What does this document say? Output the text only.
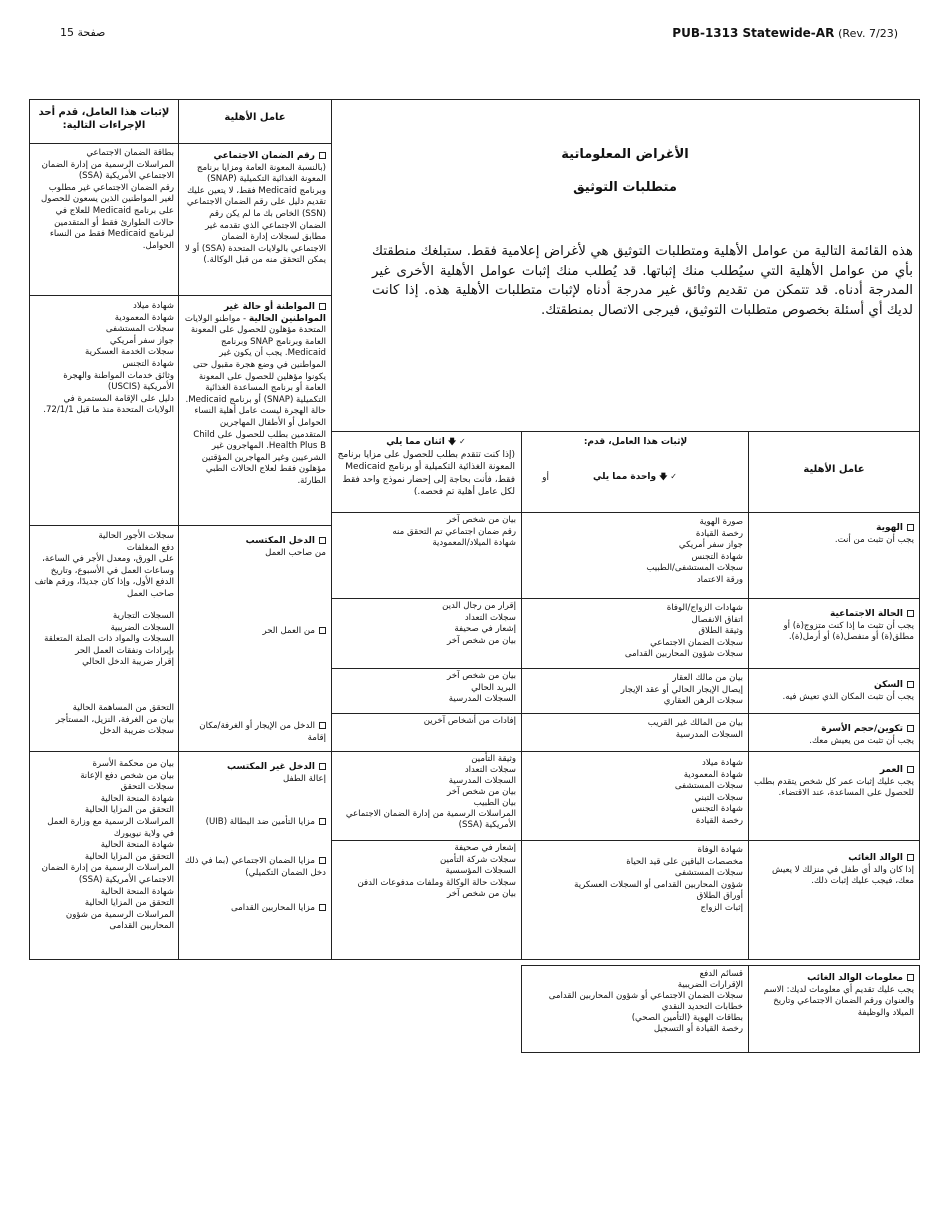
صفحة 15	PUB-1313 Statewide-AR (Rev. 7/23)
لإثبات هذا العامل، قدم أحد الإجراءات التالية:
عامل الأهلية
رقم الضمان الاجتماعي
(بالنسبة المعونة العامة ومزايا برنامج المعونة الغذائية التكميلية (SNAP) وبرنامج Medicaid فقط، لا يتعين عليك تقديم دليل على رقم الضمان الاجتماعي (SSN) الخاص بك ما لم يكن رقم الضمان الاجتماعي الذي تقدمه غير مطابق لسجلات إدارة الضمان الاجتماعي بالولايات المتحدة (SSA) أو لا يمكن التحقق منه من قبل الوكالة.)
بطاقة الضمان الاجتماعي
المراسلات الرسمية من إدارة الضمان الاجتماعي الأمريكية (SSA)
رقم الضمان الاجتماعي غير مطلوب لغير المواطنين الذين يسعون للحصول على برنامج Medicaid للعلاج في حالات الطوارئ فقط أو المتقدمين لبرنامج Medicaid فقط من النساء الحوامل.
المواطنة أو حالة غير المواطنين الحالية - مواطنو الولايات المتحدة مؤهلون للحصول على المعونة العامة وبرنامج SNAP وبرنامج Medicaid. يجب أن يكون غير المواطنين في وضع هجرة مقبول حتى يكونوا مؤهلين للحصول على المعونة العامة أو برنامج المساعدة الغذائية التكميلية (SNAP) أو برنامج Medicaid. حالة الهجرة ليست عامل أهلية النساء الحوامل أو الأطفال المهاجرين المتقدمين بطلب للحصول على Child Health Plus B. المهاجرون غير الشرعيين وغير المهاجرين المؤقتين مؤهلون فقط لعلاج الحالات الطبي الطارئة.
شهادة ميلاد
شهادة المعمودية
سجلات المستشفى
جواز سفر أمريكي
سجلات الخدمة العسكرية
شهادة التجنس
وثائق خدمات المواطنة والهجرة الأمريكية (USCIS)
دليل على الإقامة المستمرة في الولايات المتحدة منذ ما قبل 72/1/1.
الدخل المكتسب
من صاحب العمل
من العمل الحر
الدخل من الإيجار أو الغرفة/مكان إقامة
سجلات الأجور الحالية
دفع المغلفات
على الورق، ومعدل الأجر في الساعة، وساعات العمل في الأسبوع، وتاريخ الدفع الأول، وإذا كان جديدًا، ورقم هاتف صاحب العمل
السجلات التجارية
السجلات الضريبية
السجلات والمواد ذات الصلة المتعلقة بإيرادات ونفقات العمل الحر
إقرار ضريبة الدخل الحالي
التحقق من المساهمة الحالية
بيان من الغرفة، النزيل، المستأجر
سجلات ضريبة الدخل
الدخل غير المكتسب
إعالة الطفل
مزايا التأمين ضد البطالة (UIB)
مزايا الضمان الاجتماعي (بما في ذلك دخل الضمان التكميلي)
مزايا المحاربين القدامى
بيان من محكمة الأسرة
بيان من شخص دفع الإعانة
سجلات التحقق
شهادة المنحة الحالية
التحقق من المزايا الحالية
المراسلات الرسمية مع وزارة العمل في ولاية نيويورك
شهادة المنحة الحالية
التحقق من المزايا الحالية
المراسلات الرسمية من إدارة الضمان الاجتماعي الأمريكية (SSA)
شهادة المنحة الحالية
التحقق من المزايا الحالية
المراسلات الرسمية من شؤون المحاربين القدامى
الأغراض المعلوماتية
متطلبات التوثيق
هذه القائمة التالية من عوامل الأهلية ومتطلبات التوثيق هي لأغراض إعلامية فقط. ستبلغك منطقتك بأي من عوامل الأهلية التي سيُطلب منك إثباتها. قد يُطلب منك إثبات عوامل الأهلية الأخرى غير المدرجة أدناه. قد تتمكن من تقديم وثائق غير مدرجة أدناه لإثبات متطلبات الأهلية هذه. إذا كانت لديك أي أسئلة بخصوص متطلبات التوثيق، فيرجى الاتصال بمنطقتك.
عامل الأهلية
لإثبات هذا العامل، قدم:
✓ 🡇 واحدة مما يلي
أو
✓ 🡇 اثنان مما يلي
(إذا كنت تتقدم بطلب للحصول على مزايا برنامج المعونة الغذائية التكميلية أو برنامج Medicaid فقط، فأنت بحاجة إلى إحضار نموذج واحد فقط لكل عامل أهلية تم فحصه.)
الهوية
يجب أن تثبت من أنت.
صورة الهوية
رخصة القيادة
جواز سفر أمريكي
شهادة التجنس
سجلات المستشفى/الطبيب
ورقة الاعتماد
بيان من شخص آخر
رقم ضمان اجتماعي تم التحقق منه
شهادة الميلاد/المعمودية
الحالة الاجتماعية
يجب أن تثبت ما إذا كنت متزوج(ة) أو مطلق(ة) أو منفصل(ة) أو أرمل(ة).
شهادات الزواج/الوفاة
اتفاق الانفصال
وثيقة الطلاق
سجلات الضمان الاجتماعي
سجلات شؤون المحاربين القدامى
إقرار من رجال الدين
سجلات التعداد
إشعار في صحيفة
بيان من شخص آخر
السكن
يجب أن تثبت المكان الذي تعيش فيه.
بيان من مالك العقار
إيصال الإيجار الحالي أو عقد الإيجار
سجلات الرهن العقاري
بيان من شخص آخر
البريد الحالي
السجلات المدرسية
تكوين/حجم الأسرة
يجب أن تثبت من يعيش معك.
بيان من المالك غير القريب
السجلات المدرسية
إفادات من أشخاص آخرين
العمر
يجب عليك إثبات عمر كل شخص يتقدم بطلب للحصول على المساعدة، عند الاقتضاء.
شهادة ميلاد
شهادة المعمودية
سجلات المستشفى
سجلات التبني
شهادة التجنس
رخصة القيادة
وثيقة التأمين
سجلات التعداد
السجلات المدرسية
بيان من شخص آخر
بيان الطبيب
المراسلات الرسمية من إدارة الضمان الاجتماعي الأمريكية (SSA)
الوالد الغائب
إذا كان والد أي طفل في منزلك لا يعيش معك، فيجب عليك إثبات ذلك.
شهادة الوفاة
مخصصات الباقين على قيد الحياة
سجلات المستشفى
شؤون المحاربين القدامى أو السجلات العسكرية
أوراق الطلاق
إثبات الزواج
إشعار في صحيفة
سجلات شركة التأمين
السجلات المؤسسية
سجلات حالة الوكالة وملفات مدفوعات الدفن
بيان من شخص آخر
معلومات الوالد الغائب
يجب عليك تقديم أي معلومات لديك: الاسم والعنوان ورقم الضمان الاجتماعي وتاريخ الميلاد والوظيفة
قسائم الدفع
الإقرارات الضريبية
سجلات الضمان الاجتماعي أو شؤون المحاربين القدامى
خطابات التحديد النقدي
بطاقات الهوية (التأمين الصحي)
رخصة القيادة أو التسجيل
